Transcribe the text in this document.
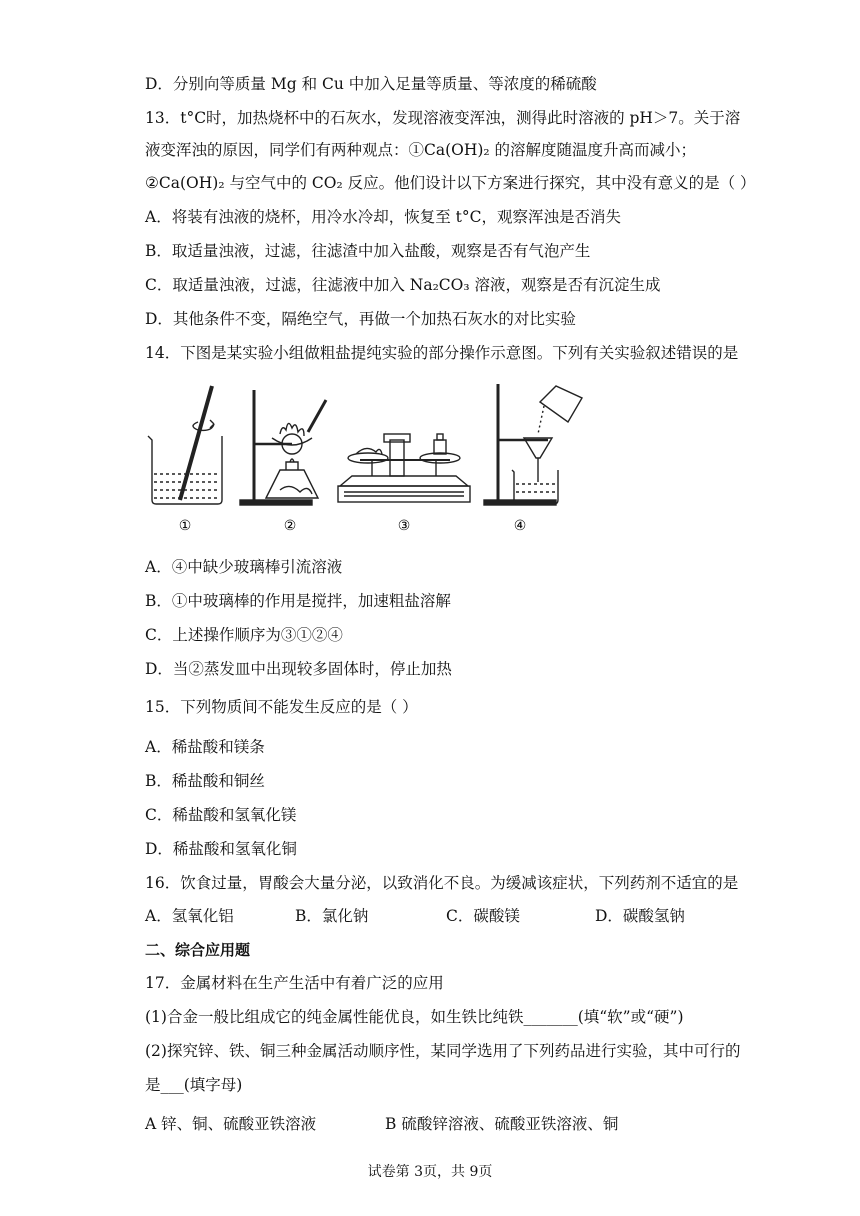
D．分别向等质量 Mg 和 Cu 中加入足量等质量、等浓度的稀硫酸
13．t°C时，加热烧杯中的石灰水，发现溶液变浑浊，测得此时溶液的 pH＞7。关于溶
液变浑浊的原因，同学们有两种观点：①Ca(OH)₂ 的溶解度随温度升高而减小；
②Ca(OH)₂ 与空气中的 CO₂ 反应。他们设计以下方案进行探究，其中没有意义的是（ ）
A．将装有浊液的烧杯，用冷水冷却，恢复至 t°C，观察浑浊是否消失
B．取适量浊液，过滤，往滤渣中加入盐酸，观察是否有气泡产生
C．取适量浊液，过滤，往滤液中加入 Na₂CO₃ 溶液，观察是否有沉淀生成
D．其他条件不变，隔绝空气，再做一个加热石灰水的对比实验
14．下图是某实验小组做粗盐提纯实验的部分操作示意图。下列有关实验叙述错误的是
①	②	③	④
A．④中缺少玻璃棒引流溶液
B．①中玻璃棒的作用是搅拌，加速粗盐溶解
C．上述操作顺序为③①②④
D．当②蒸发皿中出现较多固体时，停止加热
15．下列物质间不能发生反应的是（ ）
A．稀盐酸和镁条
B．稀盐酸和铜丝
C．稀盐酸和氢氧化镁
D．稀盐酸和氢氧化铜
16．饮食过量，胃酸会大量分泌，以致消化不良。为缓减该症状，下列药剂不适宜的是
A．氢氧化铝	B．氯化钠	C．碳酸镁	D．碳酸氢钠
二、综合应用题
17．金属材料在生产生活中有着广泛的应用
(1)合金一般比组成它的纯金属性能优良，如生铁比纯铁_______(填“软”或“硬”)
(2)探究锌、铁、铜三种金属活动顺序性，某同学选用了下列药品进行实验，其中可行的
是___(填字母)
A 锌、铜、硫酸亚铁溶液	B 硫酸锌溶液、硫酸亚铁溶液、铜
试卷第 3页，共 9页
